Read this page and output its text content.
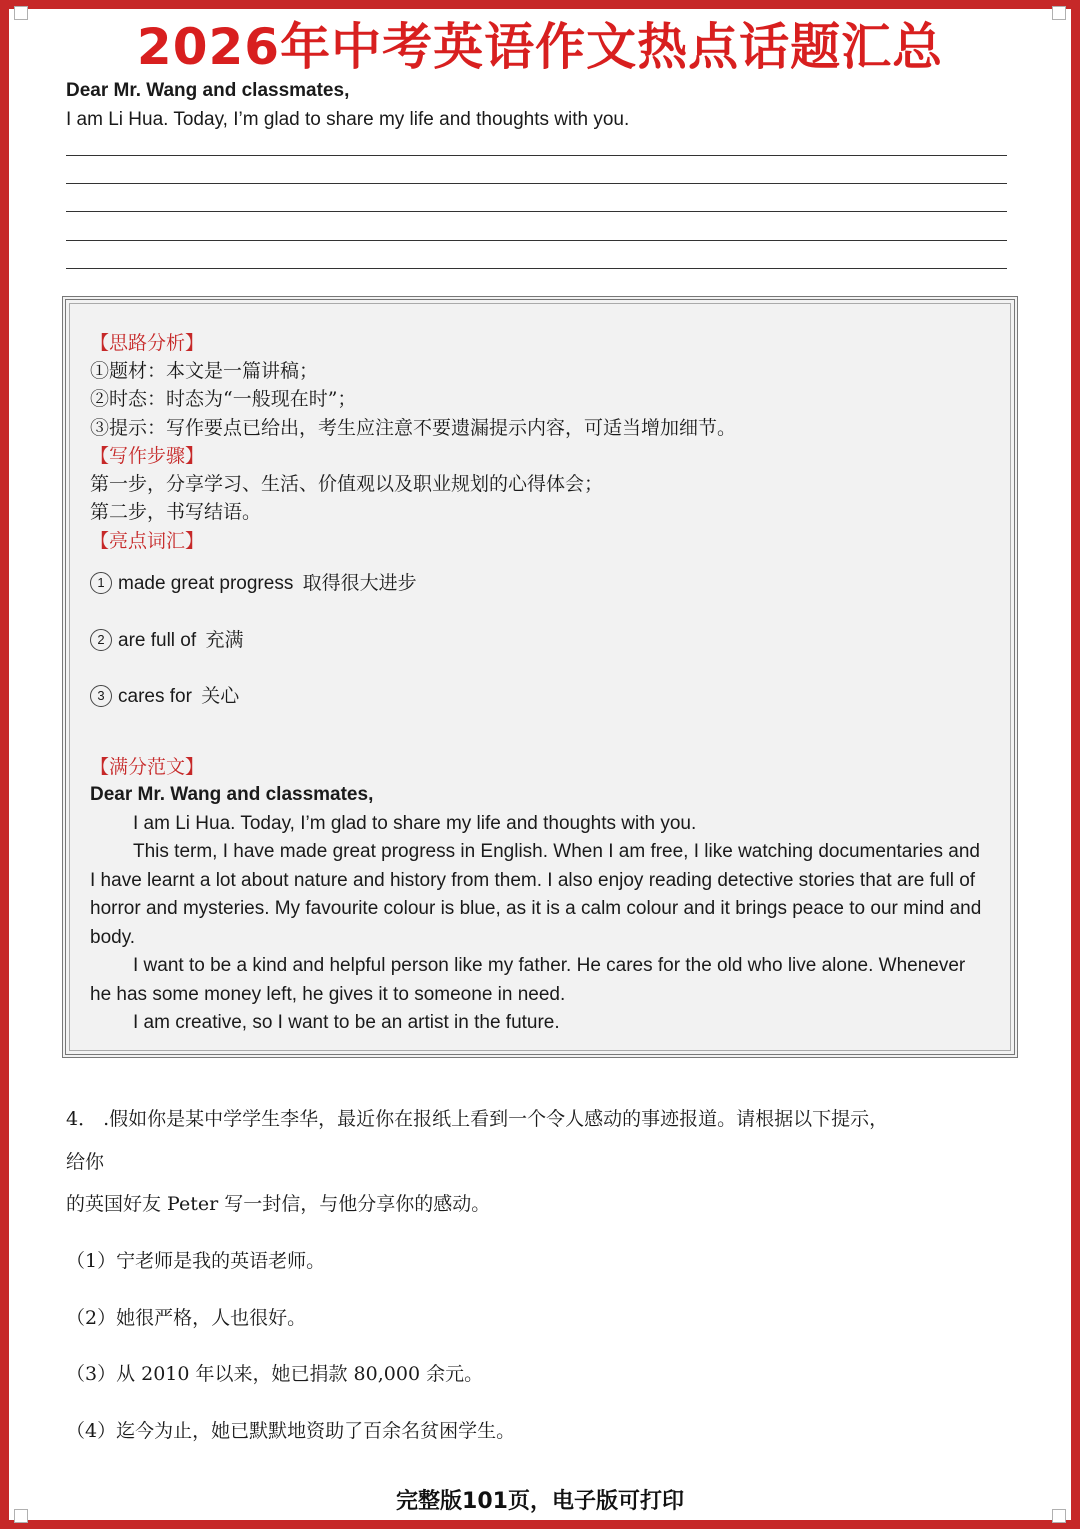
2026年中考英语作文热点话题汇总
Dear Mr. Wang and classmates,
I am Li Hua. Today, I’m glad to share my life and thoughts with you.
【思路分析】
①题材：本文是一篇讲稿；
②时态：时态为“一般现在时”；
③提示：写作要点已给出，考生应注意不要遗漏提示内容，可适当增加细节。
【写作步骤】
第一步，分享学习、生活、价值观以及职业规划的心得体会；
第二步，书写结语。
【亮点词汇】
1 made great progress 取得很大进步
2 are full of 充满
3 cares for 关心
【满分范文】

Dear Mr. Wang and classmates,

I am Li Hua. Today, I’m glad to share my life and thoughts with you.

This term, I have made great progress in English. When I am free, I like watching documentaries and I have learnt a lot about nature and history from them. I also enjoy reading detective stories that are full of horror and mysteries. My favourite colour is blue, as it is a calm colour and it brings peace to our mind and body.

I want to be a kind and helpful person like my father. He cares for the old who live alone. Whenever he has some money left, he gives it to someone in need.

I am creative, so I want to be an artist in the future.

4． .假如你是某中学学生李华，最近你在报纸上看到一个令人感动的事迹报道。请根据以下提示，
给你
的英国好友 Peter 写一封信，与他分享你的感动。
（1）宁老师是我的英语老师。
（2）她很严格，人也很好。
（3）从 2010 年以来，她已捐款 80,000 余元。
（4）迄今为止，她已默默地资助了百余名贫困学生。
完整版101页，电子版可打印
